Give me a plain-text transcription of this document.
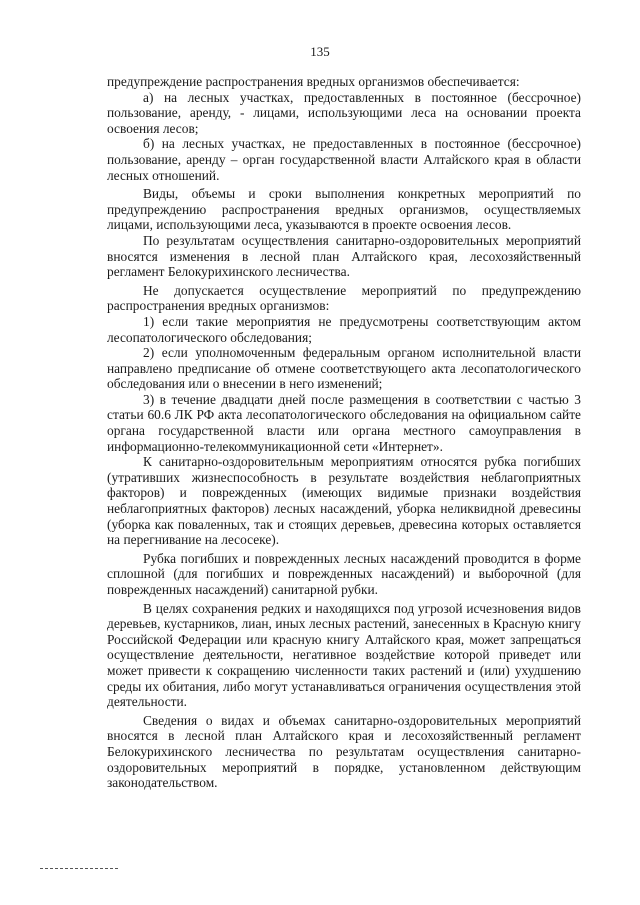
135

предупреждение распространения вредных организмов обеспечивается:

а) на лесных участках, предоставленных в постоянное (бессрочное) пользование, аренду, - лицами, использующими леса на основании проекта освоения лесов;

б) на лесных участках, не предоставленных в постоянное (бессрочное) пользование, аренду – орган государственной власти Алтайского края в области лесных отношений.

Виды, объемы и сроки выполнения конкретных мероприятий по предупреждению распространения вредных организмов, осуществляемых лицами, использующими леса, указываются в проекте освоения лесов.

По результатам осуществления санитарно-оздоровительных мероприятий вносятся изменения в лесной план Алтайского края, лесохозяйственный регламент Белокурихинского лесничества.

Не допускается осуществление мероприятий по предупреждению распространения вредных организмов:

1) если такие мероприятия не предусмотрены соответствующим актом лесопатологического обследования;

2) если уполномоченным федеральным органом исполнительной власти направлено предписание об отмене соответствующего акта лесопатологического обследования или о внесении в него изменений;

3) в течение двадцати дней после размещения в соответствии с частью 3 статьи 60.6 ЛК РФ акта лесопатологического обследования на официальном сайте органа государственной власти или органа местного самоуправления в информационно-телекоммуникационной сети «Интернет».

К санитарно-оздоровительным мероприятиям относятся рубка погибших (утративших жизнеспособность в результате воздействия неблагоприятных факторов) и поврежденных (имеющих видимые признаки воздействия неблагоприятных факторов) лесных насаждений, уборка неликвидной древесины (уборка как поваленных, так и стоящих деревьев, древесина которых оставляется на перегнивание на лесосеке).

Рубка погибших и поврежденных лесных насаждений проводится в форме сплошной (для погибших и поврежденных насаждений) и выборочной (для поврежденных насаждений) санитарной рубки.

В целях сохранения редких и находящихся под угрозой исчезновения видов деревьев, кустарников, лиан, иных лесных растений, занесенных в Красную книгу Российской Федерации или красную книгу Алтайского края, может запрещаться осуществление деятельности, негативное воздействие которой приведет или может привести к сокращению численности таких растений и (или) ухудшению среды их обитания, либо могут устанавливаться ограничения осуществления этой деятельности.

Сведения о видах и объемах санитарно-оздоровительных мероприятий вносятся в лесной план Алтайского края и лесохозяйственный регламент Белокурихинского лесничества по результатам осуществления санитарно-оздоровительных мероприятий в порядке, установленном действующим законодательством.
